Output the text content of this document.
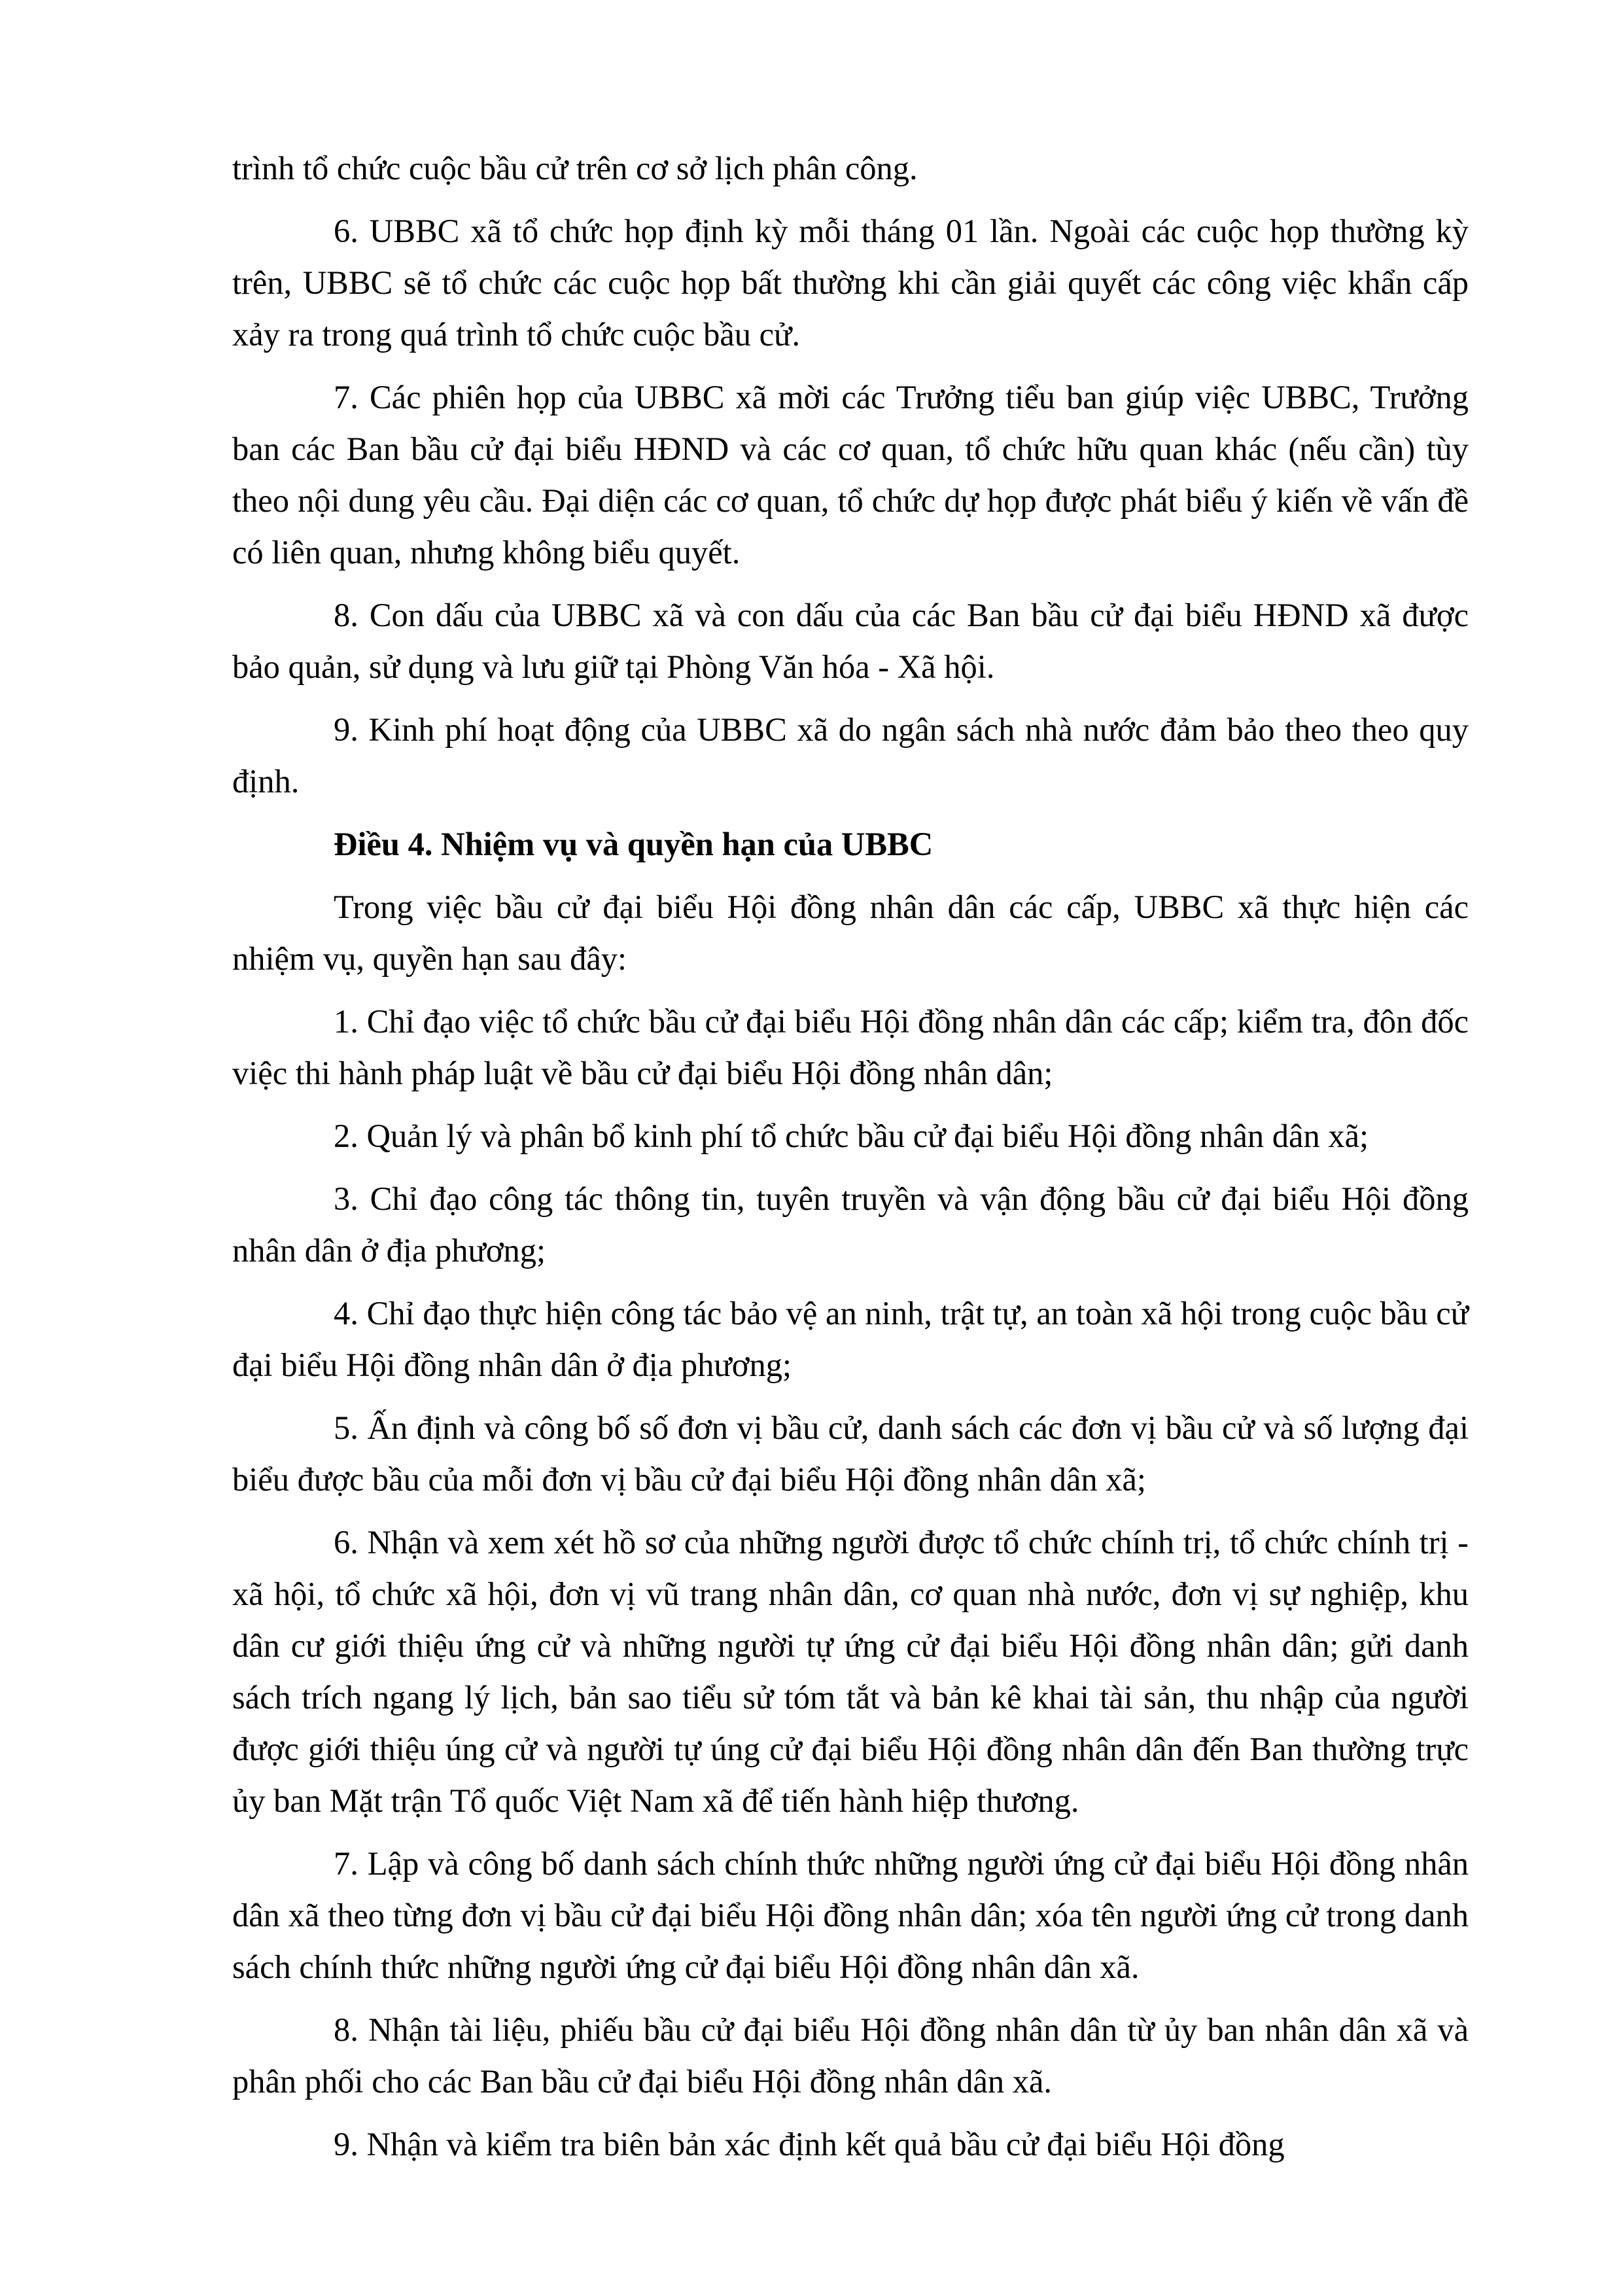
trình tổ chức cuộc bầu cử trên cơ sở lịch phân công.

6. UBBC xã tổ chức họp định kỳ mỗi tháng 01 lần. Ngoài các cuộc họp thường kỳ trên, UBBC sẽ tổ chức các cuộc họp bất thường khi cần giải quyết các công việc khẩn cấp xảy ra trong quá trình tổ chức cuộc bầu cử.

7. Các phiên họp của UBBC xã mời các Trưởng tiểu ban giúp việc UBBC, Trưởng ban các Ban bầu cử đại biểu HĐND và các cơ quan, tổ chức hữu quan khác (nếu cần) tùy theo nội dung yêu cầu. Đại diện các cơ quan, tổ chức dự họp được phát biểu ý kiến về vấn đề có liên quan, nhưng không biểu quyết.

8. Con dấu của UBBC xã và con dấu của các Ban bầu cử đại biểu HĐND xã được bảo quản, sử dụng và lưu giữ tại Phòng Văn hóa - Xã hội.

9. Kinh phí hoạt động của UBBC xã do ngân sách nhà nước đảm bảo theo theo quy định.

Điều 4. Nhiệm vụ và quyền hạn của UBBC

Trong việc bầu cử đại biểu Hội đồng nhân dân các cấp, UBBC xã thực hiện các nhiệm vụ, quyền hạn sau đây:

1. Chỉ đạo việc tổ chức bầu cử đại biểu Hội đồng nhân dân các cấp; kiểm tra, đôn đốc việc thi hành pháp luật về bầu cử đại biểu Hội đồng nhân dân;

2. Quản lý và phân bổ kinh phí tổ chức bầu cử đại biểu Hội đồng nhân dân xã;

3. Chỉ đạo công tác thông tin, tuyên truyền và vận động bầu cử đại biểu Hội đồng nhân dân ở địa phương;

4. Chỉ đạo thực hiện công tác bảo vệ an ninh, trật tự, an toàn xã hội trong cuộc bầu cử đại biểu Hội đồng nhân dân ở địa phương;

5. Ấn định và công bố số đơn vị bầu cử, danh sách các đơn vị bầu cử và số lượng đại biểu được bầu của mỗi đơn vị bầu cử đại biểu Hội đồng nhân dân xã;

6. Nhận và xem xét hồ sơ của những người được tổ chức chính trị, tổ chức chính trị - xã hội, tổ chức xã hội, đơn vị vũ trang nhân dân, cơ quan nhà nước, đơn vị sự nghiệp, khu dân cư giới thiệu ứng cử và những người tự ứng cử đại biểu Hội đồng nhân dân; gửi danh sách trích ngang lý lịch, bản sao tiểu sử tóm tắt và bản kê khai tài sản, thu nhập của người được giới thiệu úng cử và người tự úng cử đại biểu Hội đồng nhân dân đến Ban thường trực ủy ban Mặt trận Tổ quốc Việt Nam xã để tiến hành hiệp thương.

7. Lập và công bố danh sách chính thức những người ứng cử đại biểu Hội đồng nhân dân xã theo từng đơn vị bầu cử đại biểu Hội đồng nhân dân; xóa tên người ứng cử trong danh sách chính thức những người ứng cử đại biểu Hội đồng nhân dân xã.

8. Nhận tài liệu, phiếu bầu cử đại biểu Hội đồng nhân dân từ ủy ban nhân dân xã và phân phối cho các Ban bầu cử đại biểu Hội đồng nhân dân xã.

9. Nhận và kiểm tra biên bản xác định kết quả bầu cử đại biểu Hội đồng
